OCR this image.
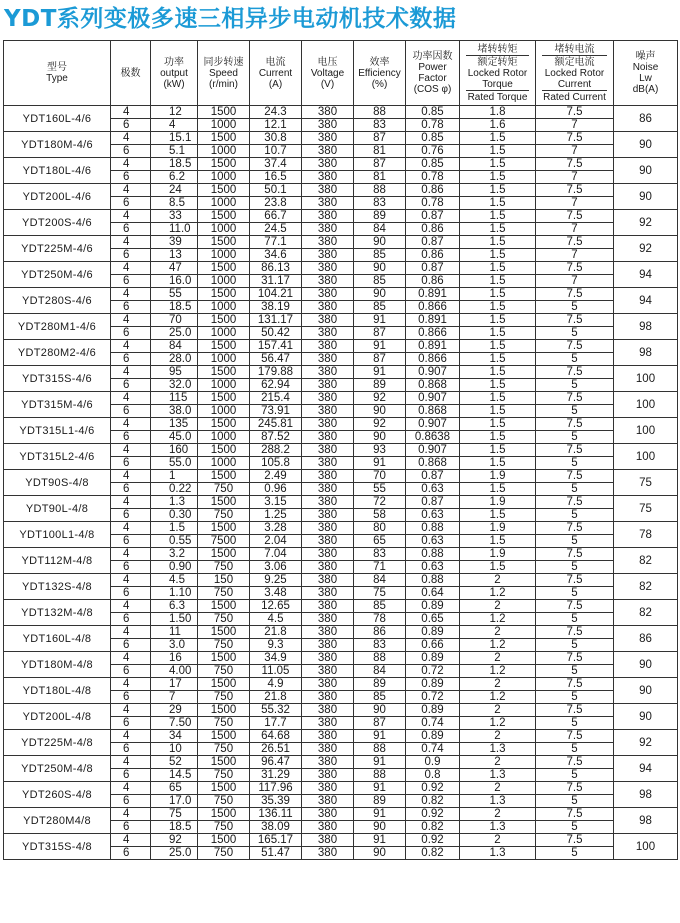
YDT系列变极多速三相异步电动机技术数据
型号
Type	极数	功率
output
(kW)	同步转速
Speed
(r/min)	电流
Current
(A)	电压
Voltage
(V)	效率
Efficiency
(%)	功率因数
Power
Factor
(COS φ)	堵转转矩
额定转矩
Locked Rotor
Torque
Rated Torque	堵转电流
额定电流
Locked Rotor
Current
Rated Current	噪声
Noise
Lw
dB(A)

YDT160L-4/6	4	12	1500	24.3	380	88	0.85	1.8	7.5	86
	6	4	1000	12.1	380	83	0.78	1.6	7	
YDT180M-4/6	4	15.1	1500	30.8	380	87	0.85	1.5	7.5	90
	6	5.1	1000	10.7	380	81	0.76	1.5	7	
YDT180L-4/6	4	18.5	1500	37.4	380	87	0.85	1.5	7.5	90
	6	6.2	1000	16.5	380	81	0.78	1.5	7	
YDT200L-4/6	4	24	1500	50.1	380	88	0.86	1.5	7.5	90
	6	8.5	1000	23.8	380	83	0.78	1.5	7	
YDT200S-4/6	4	33	1500	66.7	380	89	0.87	1.5	7.5	92
	6	11.0	1000	24.5	380	84	0.86	1.5	7	
YDT225M-4/6	4	39	1500	77.1	380	90	0.87	1.5	7.5	92
	6	13	1000	34.6	380	85	0.86	1.5	7	
YDT250M-4/6	4	47	1500	86.13	380	90	0.87	1.5	7.5	94
	6	16.0	1000	31.17	380	85	0.86	1.5	7	
YDT280S-4/6	4	55	1500	104.21	380	90	0.891	1.5	7.5	94
	6	18.5	1000	38.19	380	85	0.866	1.5	5	
YDT280M1-4/6	4	70	1500	131.17	380	91	0.891	1.5	7.5	98
	6	25.0	1000	50.42	380	87	0.866	1.5	5	
YDT280M2-4/6	4	84	1500	157.41	380	91	0.891	1.5	7.5	98
	6	28.0	1000	56.47	380	87	0.866	1.5	5	
YDT315S-4/6	4	95	1500	179.88	380	91	0.907	1.5	7.5	100
	6	32.0	1000	62.94	380	89	0.868	1.5	5	
YDT315M-4/6	4	115	1500	215.4	380	92	0.907	1.5	7.5	100
	6	38.0	1000	73.91	380	90	0.868	1.5	5	
YDT315L1-4/6	4	135	1500	245.81	380	92	0.907	1.5	7.5	100
	6	45.0	1000	87.52	380	90	0.8638	1.5	5	
YDT315L2-4/6	4	160	1500	288.2	380	93	0.907	1.5	7.5	100
	6	55.0	1000	105.8	380	91	0.868	1.5	5	
YDT90S-4/8	4	1	1500	2.49	380	70	0.87	1.9	7.5	75
	6	0.22	750	0.96	380	55	0.63	1.5	5	
YDT90L-4/8	4	1.3	1500	3.15	380	72	0.87	1.9	7.5	75
	6	0.30	750	1.25	380	58	0.63	1.5	5	
YDT100L1-4/8	4	1.5	1500	3.28	380	80	0.88	1.9	7.5	78
	6	0.55	7500	2.04	380	65	0.63	1.5	5	
YDT112M-4/8	4	3.2	1500	7.04	380	83	0.88	1.9	7.5	82
	6	0.90	750	3.06	380	71	0.63	1.5	5	
YDT132S-4/8	4	4.5	150	9.25	380	84	0.88	2	7.5	82
	6	1.10	750	3.48	380	75	0.64	1.2	5	
YDT132M-4/8	4	6.3	1500	12.65	380	85	0.89	2	7.5	82
	6	1.50	750	4.5	380	78	0.65	1.2	5	
YDT160L-4/8	4	11	1500	21.8	380	86	0.89	2	7.5	86
	6	3.0	750	9.3	380	83	0.66	1.2	5	
YDT180M-4/8	4	16	1500	34.9	380	88	0.89	2	7.5	90
	6	4.00	750	11.05	380	84	0.72	1.2	5	
YDT180L-4/8	4	17	1500	4.9	380	89	0.89	2	7.5	90
	6	7	750	21.8	380	85	0.72	1.2	5	
YDT200L-4/8	4	29	1500	55.32	380	90	0.89	2	7.5	90
	6	7.50	750	17.7	380	87	0.74	1.2	5	
YDT225M-4/8	4	34	1500	64.68	380	91	0.89	2	7.5	92
	6	10	750	26.51	380	88	0.74	1.3	5	
YDT250M-4/8	4	52	1500	96.47	380	91	0.9	2	7.5	94
	6	14.5	750	31.29	380	88	0.8	1.3	5	
YDT260S-4/8	4	65	1500	117.96	380	91	0.92	2	7.5	98
	6	17.0	750	35.39	380	89	0.82	1.3	5	
YDT280M4/8	4	75	1500	136.11	380	91	0.92	2	7.5	98
	6	18.5	750	38.09	380	90	0.82	1.3	5	
YDT315S-4/8	4	92	1500	165.17	380	91	0.92	2	7.5	100
	6	25.0	750	51.47	380	90	0.82	1.3	5	
